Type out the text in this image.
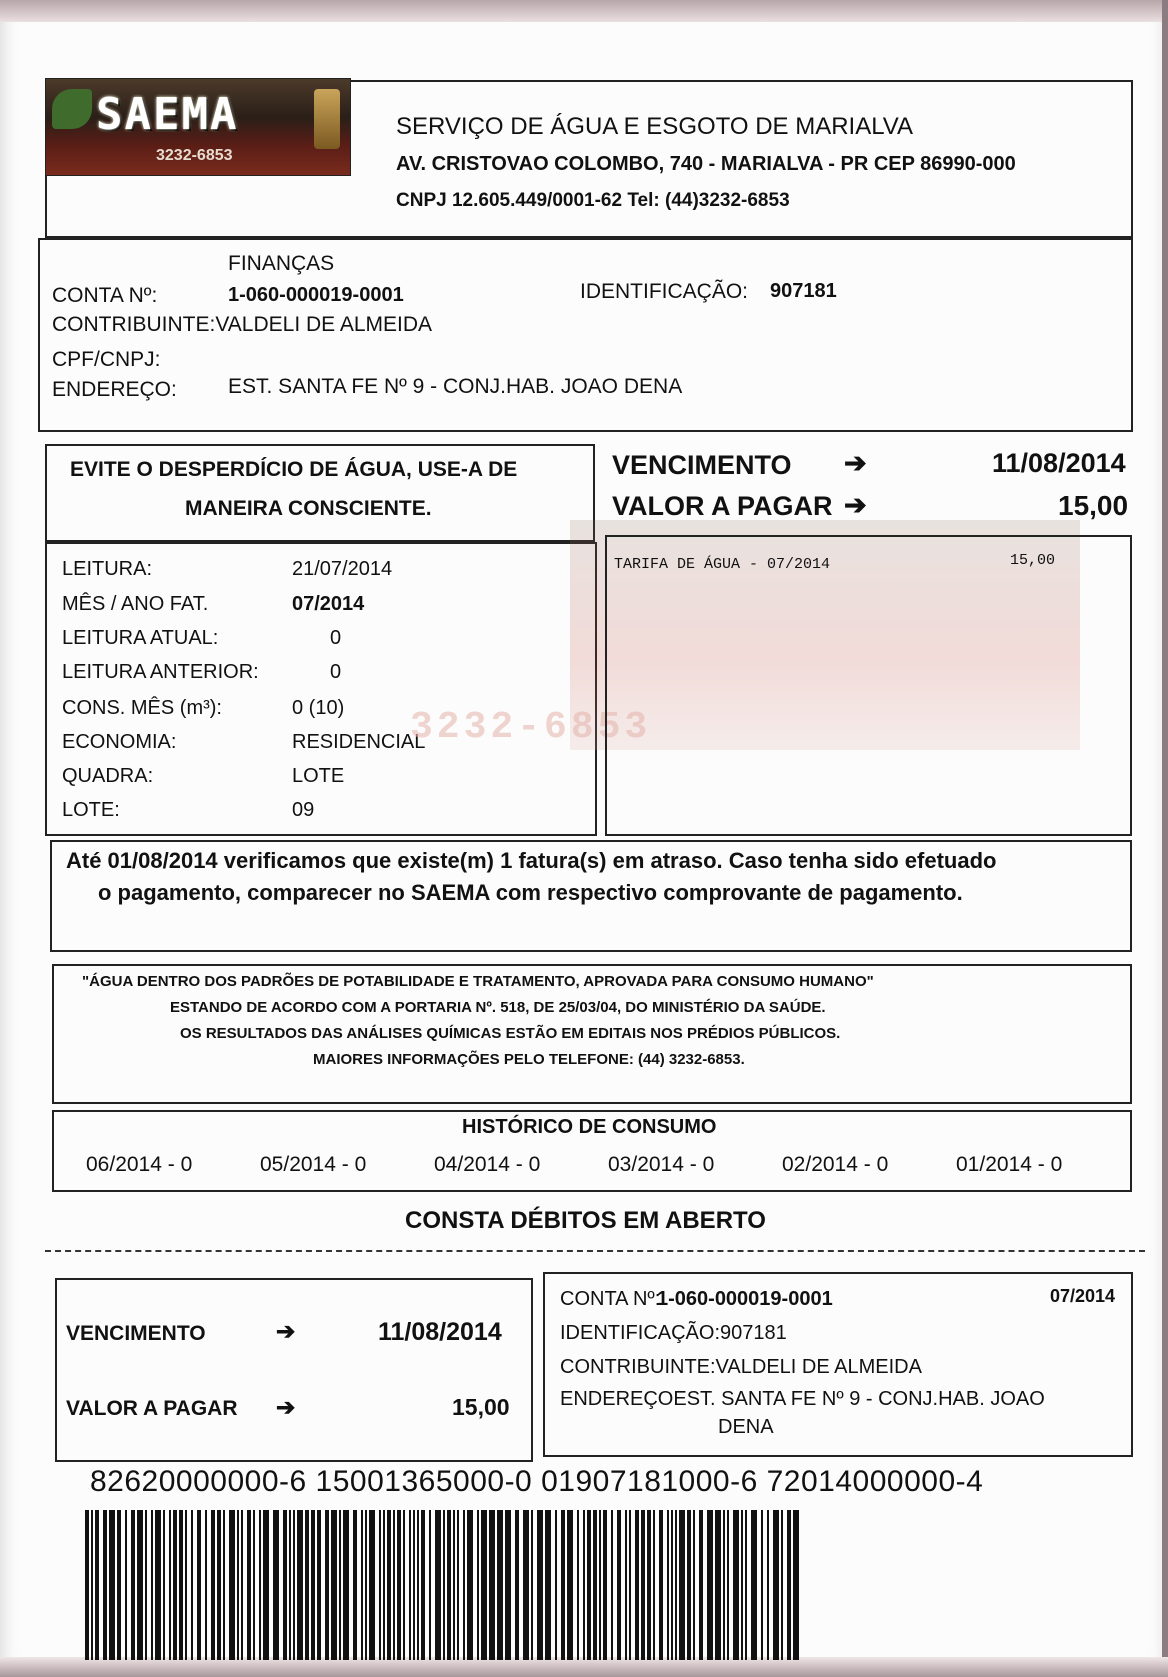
SAEMA
3232-6853
SERVIÇO DE ÁGUA E ESGOTO DE MARIALVA
AV. CRISTOVAO COLOMBO, 740 - MARIALVA - PR CEP 86990-000
CNPJ 12.605.449/0001-62 Tel: (44)3232-6853
FINANÇAS
CONTA Nº:	1-060-000019-0001	IDENTIFICAÇÃO: 907181
CONTRIBUINTE:VALDELI DE ALMEIDA
CPF/CNPJ:
ENDEREÇO: EST. SANTA FE Nº 9 - CONJ.HAB. JOAO DENA
EVITE O DESPERDÍCIO DE ÁGUA, USE-A DE
MANEIRA CONSCIENTE.
VENCIMENTO ➔	11/08/2014
VALOR A PAGAR ➔	15,00
LEITURA:	21/07/2014
MÊS / ANO FAT.	07/2014
LEITURA ATUAL:	0
LEITURA ANTERIOR:	0
CONS. MÊS (m³):	0 (10)
ECONOMIA:	RESIDENCIAL
QUADRA:	LOTE
LOTE:	09
3232-6853
TARIFA DE ÁGUA - 07/2014	15,00
Até 01/08/2014 verificamos que existe(m) 1 fatura(s) em atraso. Caso tenha sido efetuado
o pagamento, comparecer no SAEMA com respectivo comprovante de pagamento.
"ÁGUA DENTRO DOS PADRÕES DE POTABILIDADE E TRATAMENTO, APROVADA PARA CONSUMO HUMANO"
ESTANDO DE ACORDO COM A PORTARIA Nº. 518, DE 25/03/04, DO MINISTÉRIO DA SAÚDE.
OS RESULTADOS DAS ANÁLISES QUÍMICAS ESTÃO EM EDITAIS NOS PRÉDIOS PÚBLICOS.
MAIORES INFORMAÇÕES PELO TELEFONE: (44) 3232-6853.
HISTÓRICO DE CONSUMO
06/2014 - 0	05/2014 - 0	04/2014 - 0	03/2014 - 0	02/2014 - 0	01/2014 - 0
CONSTA DÉBITOS EM ABERTO
VENCIMENTO	➔	11/08/2014
VALOR A PAGAR ➔	15,00
CONTA Nº:
1-060-000019-0001	07/2014
IDENTIFICAÇÃO:907181
CONTRIBUINTE:VALDELI DE ALMEIDA
ENDEREÇOEST. SANTA FE Nº 9 - CONJ.HAB. JOAO
DENA
82620000000-6 15001365000-0 01907181000-6 72014000000-4
